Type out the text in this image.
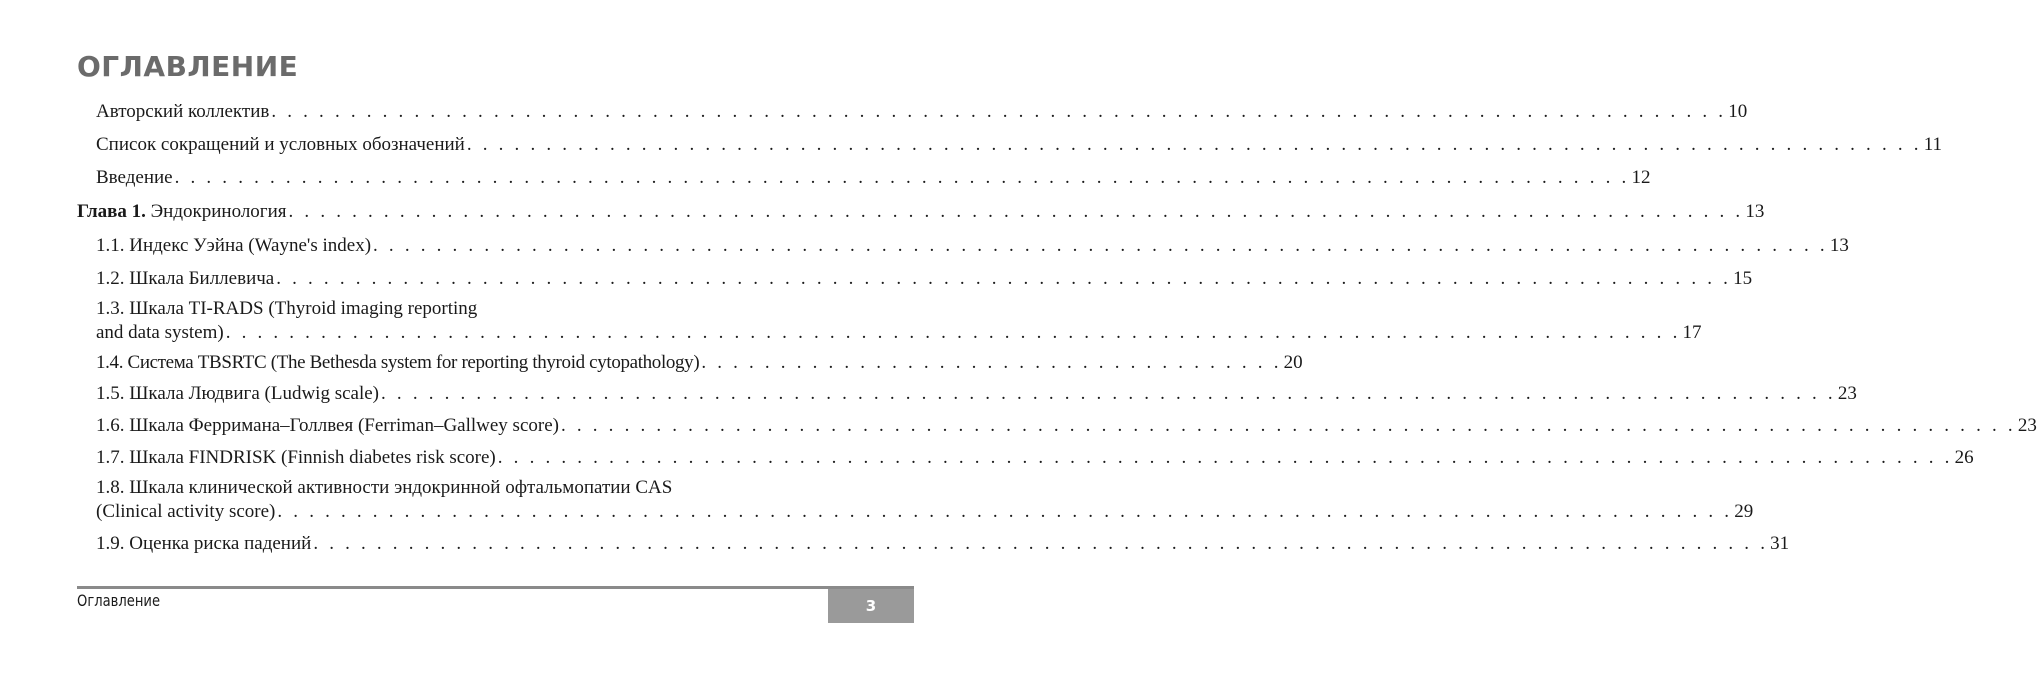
ОГЛАВЛЕНИЕ
Авторский коллектив . . . . . . . . . . . . . . . . . . . . . . . . . . . . . . . . . . . . . . . . . . . . . . . . . . . . . . . . . . . . . . . . . . . . . . . . . . . . . . . . . . . . . . . . . . . . 10
Список сокращений и условных обозначений . . . . . . . . . . . . . . . . . . . . . . . . . . . . . . . . . . . . . . . . . . . . . . . . . . . . . . . . . . . . . . . . . . . . . . . . . . . . . . . . . . . . . . . . . . . . 11
Введение . . . . . . . . . . . . . . . . . . . . . . . . . . . . . . . . . . . . . . . . . . . . . . . . . . . . . . . . . . . . . . . . . . . . . . . . . . . . . . . . . . . . . . . . . . . . 12
Глава 1. Эндокринология . . . . . . . . . . . . . . . . . . . . . . . . . . . . . . . . . . . . . . . . . . . . . . . . . . . . . . . . . . . . . . . . . . . . . . . . . . . . . . . . . . . . . . . . . . . . 13
1.1. Индекс Уэйна (Wayne's index) . . . . . . . . . . . . . . . . . . . . . . . . . . . . . . . . . . . . . . . . . . . . . . . . . . . . . . . . . . . . . . . . . . . . . . . . . . . . . . . . . . . . . . . . . . . . 13
1.2. Шкала Биллевича . . . . . . . . . . . . . . . . . . . . . . . . . . . . . . . . . . . . . . . . . . . . . . . . . . . . . . . . . . . . . . . . . . . . . . . . . . . . . . . . . . . . . . . . . . . . 15
1.3. Шкала TI-RADS (Thyroid imaging reporting
and data system) . . . . . . . . . . . . . . . . . . . . . . . . . . . . . . . . . . . . . . . . . . . . . . . . . . . . . . . . . . . . . . . . . . . . . . . . . . . . . . . . . . . . . . . . . . . . 17
1.4. Система TBSRTC (The Bethesda system for reporting thyroid cytopathology) . . . . . . . . . . . . . . . . . . . . . . . . . . . . . . . . . . . . . 20
1.5. Шкала Людвига (Ludwig scale) . . . . . . . . . . . . . . . . . . . . . . . . . . . . . . . . . . . . . . . . . . . . . . . . . . . . . . . . . . . . . . . . . . . . . . . . . . . . . . . . . . . . . . . . . . . . 23
1.6. Шкала Ферримана–Голлвея (Ferriman–Gallwey score) . . . . . . . . . . . . . . . . . . . . . . . . . . . . . . . . . . . . . . . . . . . . . . . . . . . . . . . . . . . . . . . . . . . . . . . . . . . . . . . . . . . . . . . . . . . . 23
1.7. Шкала FINDRISK (Finnish diabetes risk score) . . . . . . . . . . . . . . . . . . . . . . . . . . . . . . . . . . . . . . . . . . . . . . . . . . . . . . . . . . . . . . . . . . . . . . . . . . . . . . . . . . . . . . . . . . . . 26
1.8. Шкала клинической активности эндокринной офтальмопатии CAS
(Clinical activity score) . . . . . . . . . . . . . . . . . . . . . . . . . . . . . . . . . . . . . . . . . . . . . . . . . . . . . . . . . . . . . . . . . . . . . . . . . . . . . . . . . . . . . . . . . . . . 29
1.9. Оценка риска падений . . . . . . . . . . . . . . . . . . . . . . . . . . . . . . . . . . . . . . . . . . . . . . . . . . . . . . . . . . . . . . . . . . . . . . . . . . . . . . . . . . . . . . . . . . . . 31
Оглавление	3
